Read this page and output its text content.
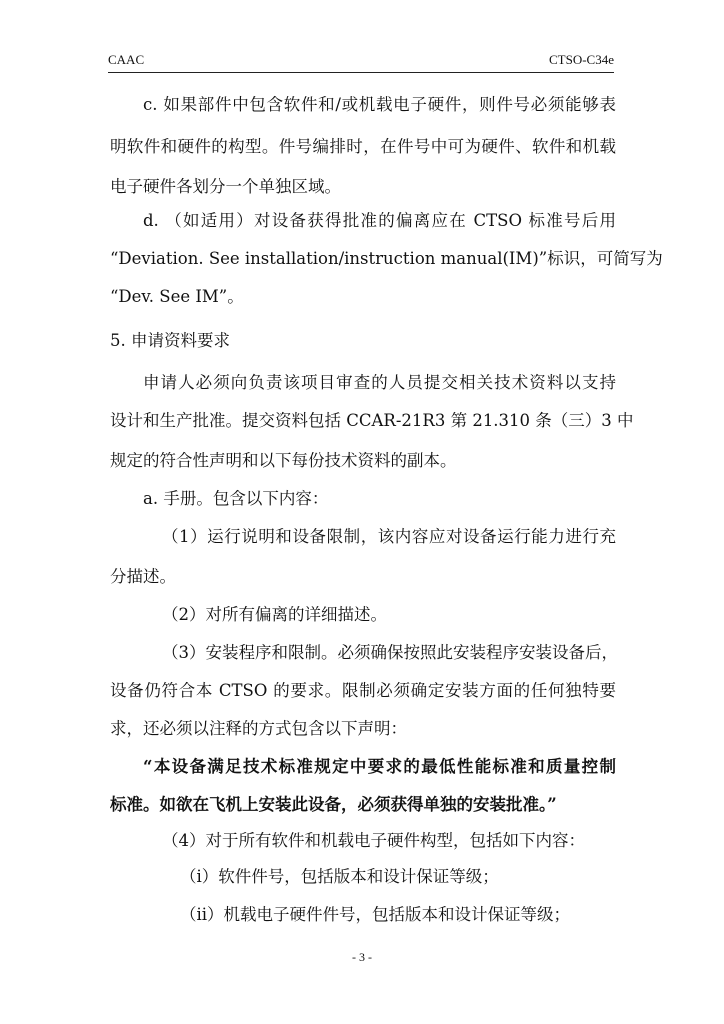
CAAC	CTSO-C34e
c. 如果部件中包含软件和/或机载电子硬件，则件号必须能够表
明软件和硬件的构型。件号编排时，在件号中可为硬件、软件和机载
电子硬件各划分一个单独区域。
d. （如适用）对设备获得批准的偏离应在 CTSO 标准号后用
“Deviation. See installation/instruction manual(IM)”标识，可简写为
“Dev. See IM”。
5. 申请资料要求
申请人必须向负责该项目审查的人员提交相关技术资料以支持
设计和生产批准。提交资料包括 CCAR-21R3 第 21.310 条（三）3 中
规定的符合性声明和以下每份技术资料的副本。
a. 手册。包含以下内容：
（1）运行说明和设备限制，该内容应对设备运行能力进行充
分描述。
（2）对所有偏离的详细描述。
（3）安装程序和限制。必须确保按照此安装程序安装设备后，
设备仍符合本 CTSO 的要求。限制必须确定安装方面的任何独特要
求，还必须以注释的方式包含以下声明：
“本设备满足技术标准规定中要求的最低性能标准和质量控制
标准。如欲在飞机上安装此设备，必须获得单独的安装批准。”
（4）对于所有软件和机载电子硬件构型，包括如下内容：
（i）软件件号，包括版本和设计保证等级；
（ii）机载电子硬件件号，包括版本和设计保证等级；
- 3 -
